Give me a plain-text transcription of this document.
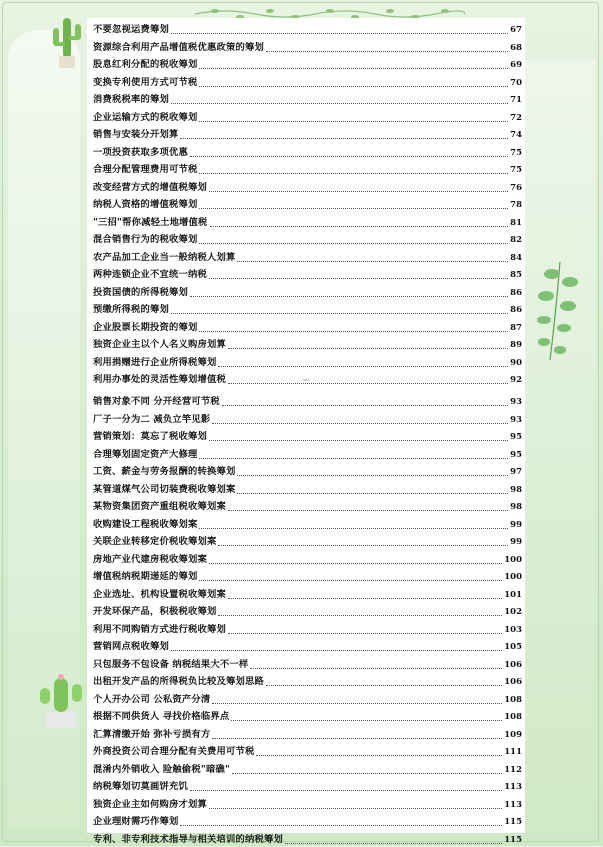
不要忽视运费筹划	67
资源综合利用产品增值税优惠政策的筹划	68
股息红利分配的税收筹划	69
变换专利使用方式可节税	70
消费税税率的筹划	71
企业运输方式的税收筹划	72
销售与安装分开划算	74
一项投资获取多项优惠	75
合理分配管理费用可节税	75
改变经营方式的增值税筹划	76
纳税人资格的增值税筹划	78
"三招"帮你减轻土地增值税	81
混合销售行为的税收筹划	82
农产品加工企业当一般纳税人划算	84
两种连锁企业不宜统一纳税	85
投资国债的所得税筹划	86
预缴所得税的筹划	86
企业股票长期投资的筹划	87
独资企业主以个人名义购房划算	89
利用捐赠进行企业所得税筹划	90
利用办事处的灵活性筹划增值税	92
销售对象不同 分开经营可节税	93
厂子一分为二 减负立竿见影	93
营销策划：莫忘了税收筹划	95
合理筹划固定资产大修理	95
工资、薪金与劳务报酬的转换筹划	97
某管道煤气公司切装费税收筹划案	98
某物资集团资产重组税收筹划案	98
收购建设工程税收筹划案	99
关联企业转移定价税收筹划案	99
房地产业代建房税收筹划案	100
增值税纳税期递延的筹划	100
企业选址、机构设置税收筹划案	101
开发环保产品，积极税收筹划	102
利用不同购销方式进行税收筹划	103
营销网点税收筹划	105
只包服务不包设备 纳税结果大不一样	106
出租开发产品的所得税负比较及筹划思路	106
个人开办公司 公私资产分清	108
根据不同供货人 寻找价格临界点	108
汇算清缴开始 弥补亏损有方	109
外商投资公司合理分配有关费用可节税	111
混淆内外销收入 险触偷税"暗礁"	112
纳税筹划切莫画饼充饥	113
独资企业主如何购房才划算	113
企业理财需巧作筹划	115
专利、非专利技术指导与相关培训的纳税筹划	115
